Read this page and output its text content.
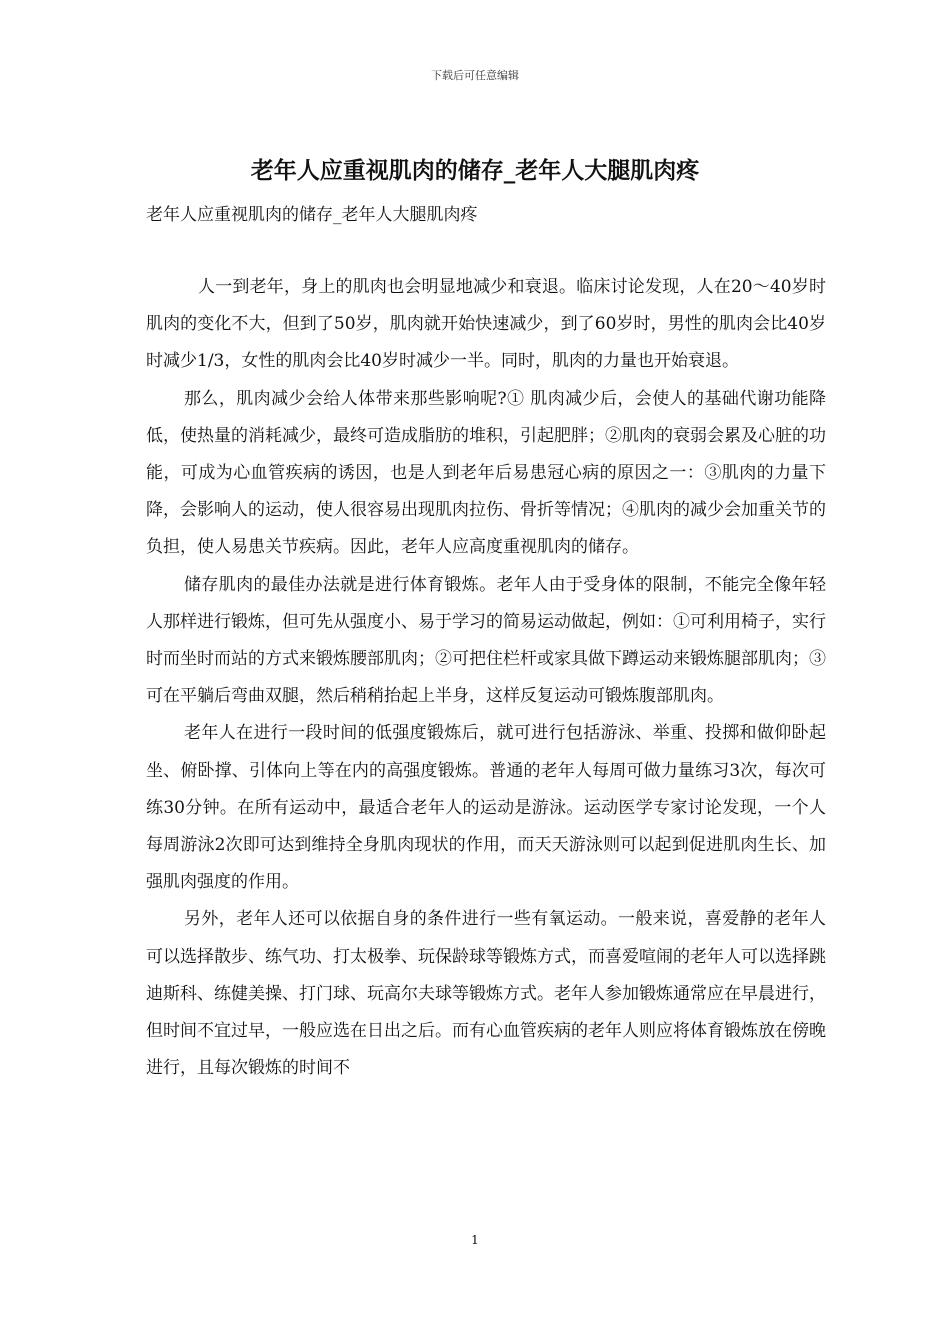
下载后可任意编辑
老年人应重视肌肉的储存_老年人大腿肌肉疼

老年人应重视肌肉的储存_老年人大腿肌肉疼

人一到老年，身上的肌肉也会明显地减少和衰退。临床讨论发现，人在20～40岁时肌肉的变化不大，但到了50岁，肌肉就开始快速减少，到了60岁时，男性的肌肉会比40岁时减少1/3，女性的肌肉会比40岁时减少一半。同时，肌肉的力量也开始衰退。

那么，肌肉减少会给人体带来那些影响呢?① 肌肉减少后，会使人的基础代谢功能降低，使热量的消耗减少，最终可造成脂肪的堆积，引起肥胖；②肌肉的衰弱会累及心脏的功能，可成为心血管疾病的诱因，也是人到老年后易患冠心病的原因之一：③肌肉的力量下降，会影响人的运动，使人很容易出现肌肉拉伤、骨折等情况；④肌肉的减少会加重关节的负担，使人易患关节疾病。因此，老年人应高度重视肌肉的储存。

储存肌肉的最佳办法就是进行体育锻炼。老年人由于受身体的限制，不能完全像年轻人那样进行锻炼，但可先从强度小、易于学习的简易运动做起，例如：①可利用椅子，实行时而坐时而站的方式来锻炼腰部肌肉；②可把住栏杆或家具做下蹲运动来锻炼腿部肌肉；③可在平躺后弯曲双腿，然后稍稍抬起上半身，这样反复运动可锻炼腹部肌肉。

老年人在进行一段时间的低强度锻炼后，就可进行包括游泳、举重、投掷和做仰卧起坐、俯卧撑、引体向上等在内的高强度锻炼。普通的老年人每周可做力量练习3次，每次可练30分钟。在所有运动中，最适合老年人的运动是游泳。运动医学专家讨论发现，一个人每周游泳2次即可达到维持全身肌肉现状的作用，而天天游泳则可以起到促进肌肉生长、加强肌肉强度的作用。

另外，老年人还可以依据自身的条件进行一些有氧运动。一般来说，喜爱静的老年人可以选择散步、练气功、打太极拳、玩保龄球等锻炼方式，而喜爱喧闹的老年人可以选择跳迪斯科、练健美操、打门球、玩高尔夫球等锻炼方式。老年人参加锻炼通常应在早晨进行，但时间不宜过早，一般应选在日出之后。而有心血管疾病的老年人则应将体育锻炼放在傍晚进行，且每次锻炼的时间不

1
